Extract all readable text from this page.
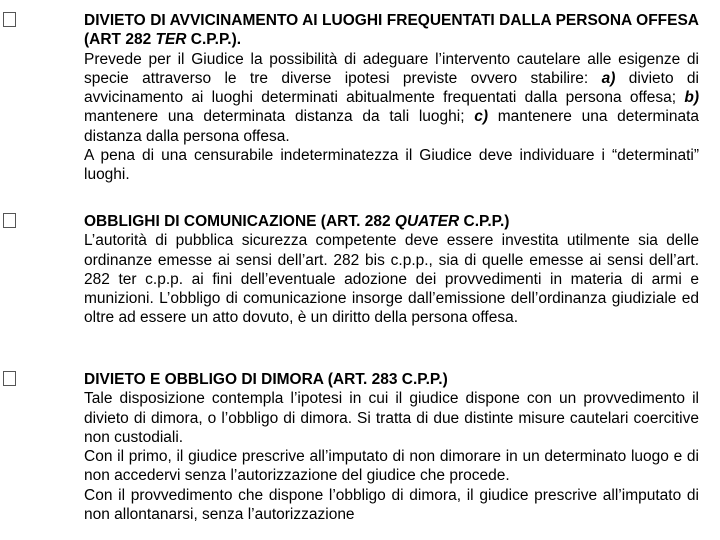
DIVIETO DI AVVICINAMENTO AI LUOGHI FREQUENTATI DALLA PERSONA OFFESA (ART 282 TER C.P.P.).

Prevede per il Giudice la possibilità di adeguare l’intervento cautelare alle esigenze di specie attraverso le tre diverse ipotesi previste ovvero stabilire: a) divieto di avvicinamento ai luoghi determinati abitualmente frequentati dalla persona offesa; b) mantenere una determinata distanza da tali luoghi; c) mantenere una determinata distanza dalla persona offesa.

A pena di una censurabile indeterminatezza il Giudice deve individuare i “determinati” luoghi.

OBBLIGHI DI COMUNICAZIONE (ART. 282 QUATER C.P.P.)

L’autorità di pubblica sicurezza competente deve essere investita utilmente sia delle ordinanze emesse ai sensi dell’art. 282 bis c.p.p., sia di quelle emesse ai sensi dell’art. 282 ter c.p.p. ai fini dell’eventuale adozione dei provvedimenti in materia di armi e munizioni. L’obbligo di comunicazione insorge dall’emissione dell’ordinanza giudiziale ed oltre ad essere un atto dovuto, è un diritto della persona offesa.

DIVIETO E OBBLIGO DI DIMORA (ART. 283 C.P.P.)

Tale disposizione contempla l’ipotesi in cui il giudice dispone con un provvedimento il divieto di dimora, o l’obbligo di dimora. Si tratta di due distinte misure cautelari coercitive non custodiali.

Con il primo, il giudice prescrive all’imputato di non dimorare in un determinato luogo e di non accedervi senza l’autorizzazione del giudice che procede.

Con il provvedimento che dispone l’obbligo di dimora, il giudice prescrive all’imputato di non allontanarsi, senza l’autorizzazione
